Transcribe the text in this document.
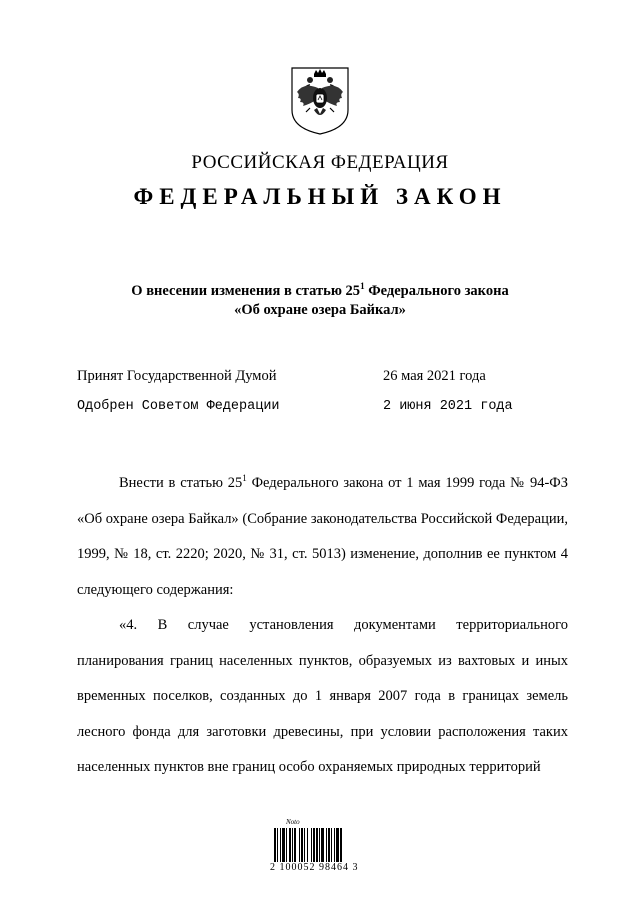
РОССИЙСКАЯ ФЕДЕРАЦИЯ
ФЕДЕРАЛЬНЫЙ ЗАКОН
О внесении изменения в статью $25^1$ Федерального закона
«Об охране озера Байкал»
Принят Государственной Думой	26 мая 2021 года
Одобрен Советом Федерации	2 июня 2021 года

Внести в статью $25^1$ Федерального закона от 1 мая 1999 года № 94-ФЗ «Об охране озера Байкал» (Собрание законодательства Российской Федерации, 1999, № 18, ст. 2220; 2020, № 31, ст. 5013) изменение, дополнив ее пунктом 4 следующего содержания:

«4. В случае установления документами территориального планирования границ населенных пунктов, образуемых из вахтовых и иных временных поселков, созданных до 1 января 2007 года в границах земель лесного фонда для заготовки древесины, при условии расположения таких населенных пунктов вне границ особо охраняемых природных территорий

Noto
2 100052 98464 3
